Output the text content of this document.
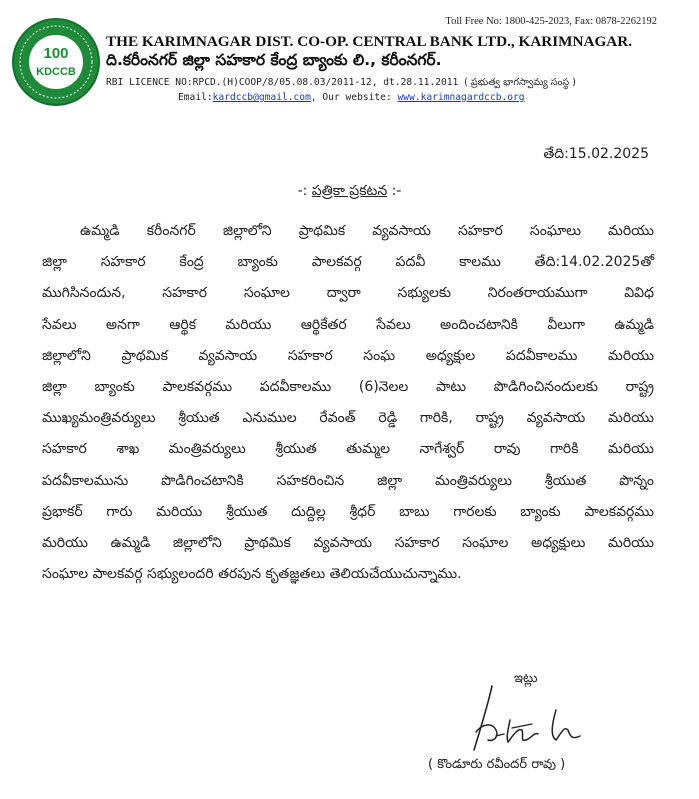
Toll Free No: 1800-425-2023, Fax: 0878-2262192
100
KDCCB
THE KARIMNAGAR DIST. CO-OP. CENTRAL BANK LTD., KARIMNAGAR.
ది.కరీంనగర్ జిల్లా సహకార కేంద్ర బ్యాంకు లి., కరీంనగర్.
RBI LICENCE NO:RPCD.(H)COOP/8/05.08.03/2011-12, dt.28.11.2011 ( ప్రభుత్వ భాగస్వామ్య సంస్థ )
Email:kardccb@gmail.com, Our website: www.karimnagardccb.org
తేది:15.02.2025
-: పత్రికా ప్రకటన :-
ఉమ్మడి కరీంనగర్ జిల్లాలోని ప్రాథమిక వ్యవసాయ సహకార సంఘాలు మరియు
జిల్లా సహకార కేంద్ర బ్యాంకు పాలకవర్గ పదవీ కాలము తేది:14.02.2025తో
ముగిసినందున, సహకార సంఘాల ద్వారా సభ్యులకు నిరంతరాయముగా వివిధ
సేవలు అనగా ఆర్థిక మరియు ఆర్థికేతర సేవలు అందించటానికి వీలుగా ఉమ్మడి
జిల్లాలోని ప్రాథమిక వ్యవసాయ సహకార సంఘ అధ్యక్షుల పదవీకాలము మరియు
జిల్లా బ్యాంకు పాలకవర్గము పదవీకాలము (6)నెలల పాటు పొడిగించినందులకు రాష్ట్ర
ముఖ్యమంత్రివర్యులు శ్రీయుత ఎనుముల రేవంత్ రెడ్డి గారికి, రాష్ట్ర వ్యవసాయ మరియు
సహకార శాఖ మంత్రివర్యులు శ్రీయుత తుమ్మల నాగేశ్వర్ రావు గారికి మరియు
పదవీకాలమును పొడిగించటానికి సహకరించిన జిల్లా మంత్రివర్యులు శ్రీయుత పొన్నం
ప్రభాకర్ గారు మరియు శ్రీయుత దుద్దిల్ల శ్రీధర్ బాబు గారలకు బ్యాంకు పాలకవర్గము
మరియు ఉమ్మడి జిల్లాలోని ప్రాథమిక వ్యవసాయ సహకార సంఘాల అధ్యక్షులు మరియు
సంఘాల పాలకవర్గ సభ్యులందరి తరపున కృతజ్ఞతలు తెలియచేయుచున్నాము.
ఇట్లు
( కొండూరు రవీందర్ రావు )
